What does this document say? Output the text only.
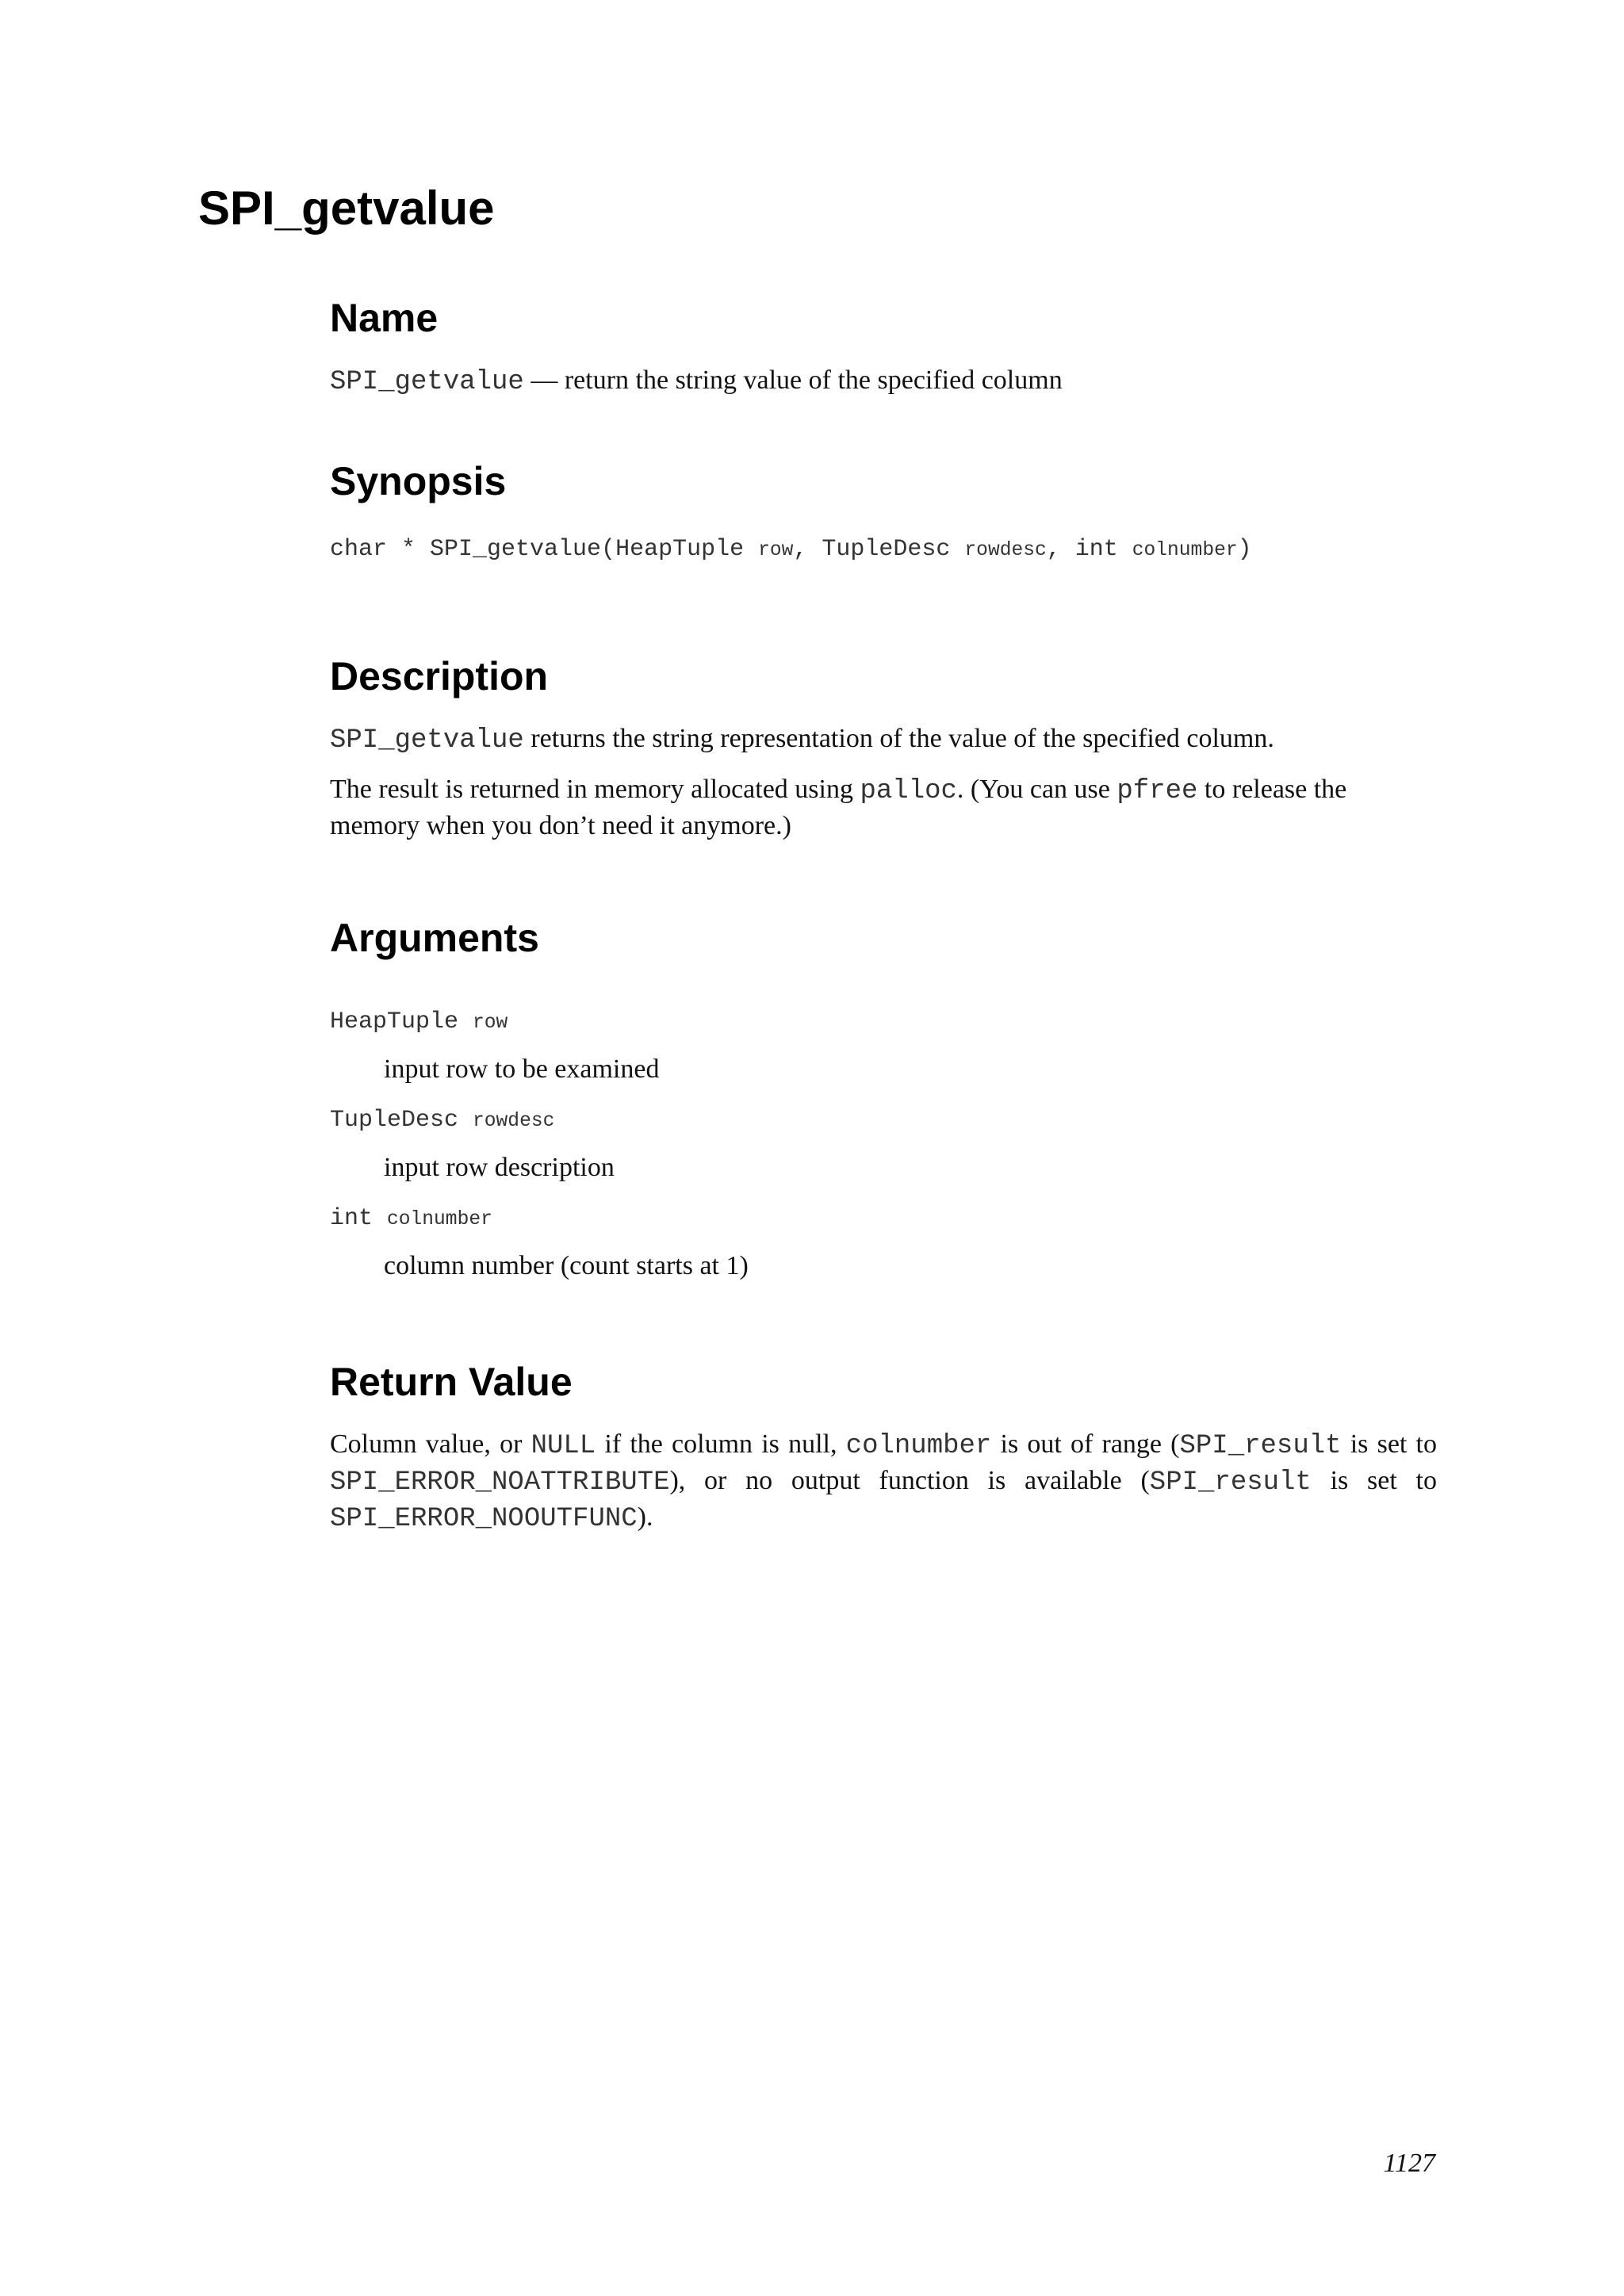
SPI_getvalue
Name
SPI_getvalue — return the string value of the specified column
Synopsis
char * SPI_getvalue(HeapTuple row, TupleDesc rowdesc, int colnumber)
Description
SPI_getvalue returns the string representation of the value of the specified column.
The result is returned in memory allocated using palloc. (You can use pfree to release the memory when you don’t need it anymore.)
Arguments
HeapTuple row
input row to be examined
TupleDesc rowdesc
input row description
int colnumber
column number (count starts at 1)
Return Value
Column value, or NULL if the column is null, colnumber is out of range (SPI_result is set to SPI_ERROR_NOATTRIBUTE), or no output function is available (SPI_result is set to SPI_ERROR_NOOUTFUNC).
1127
